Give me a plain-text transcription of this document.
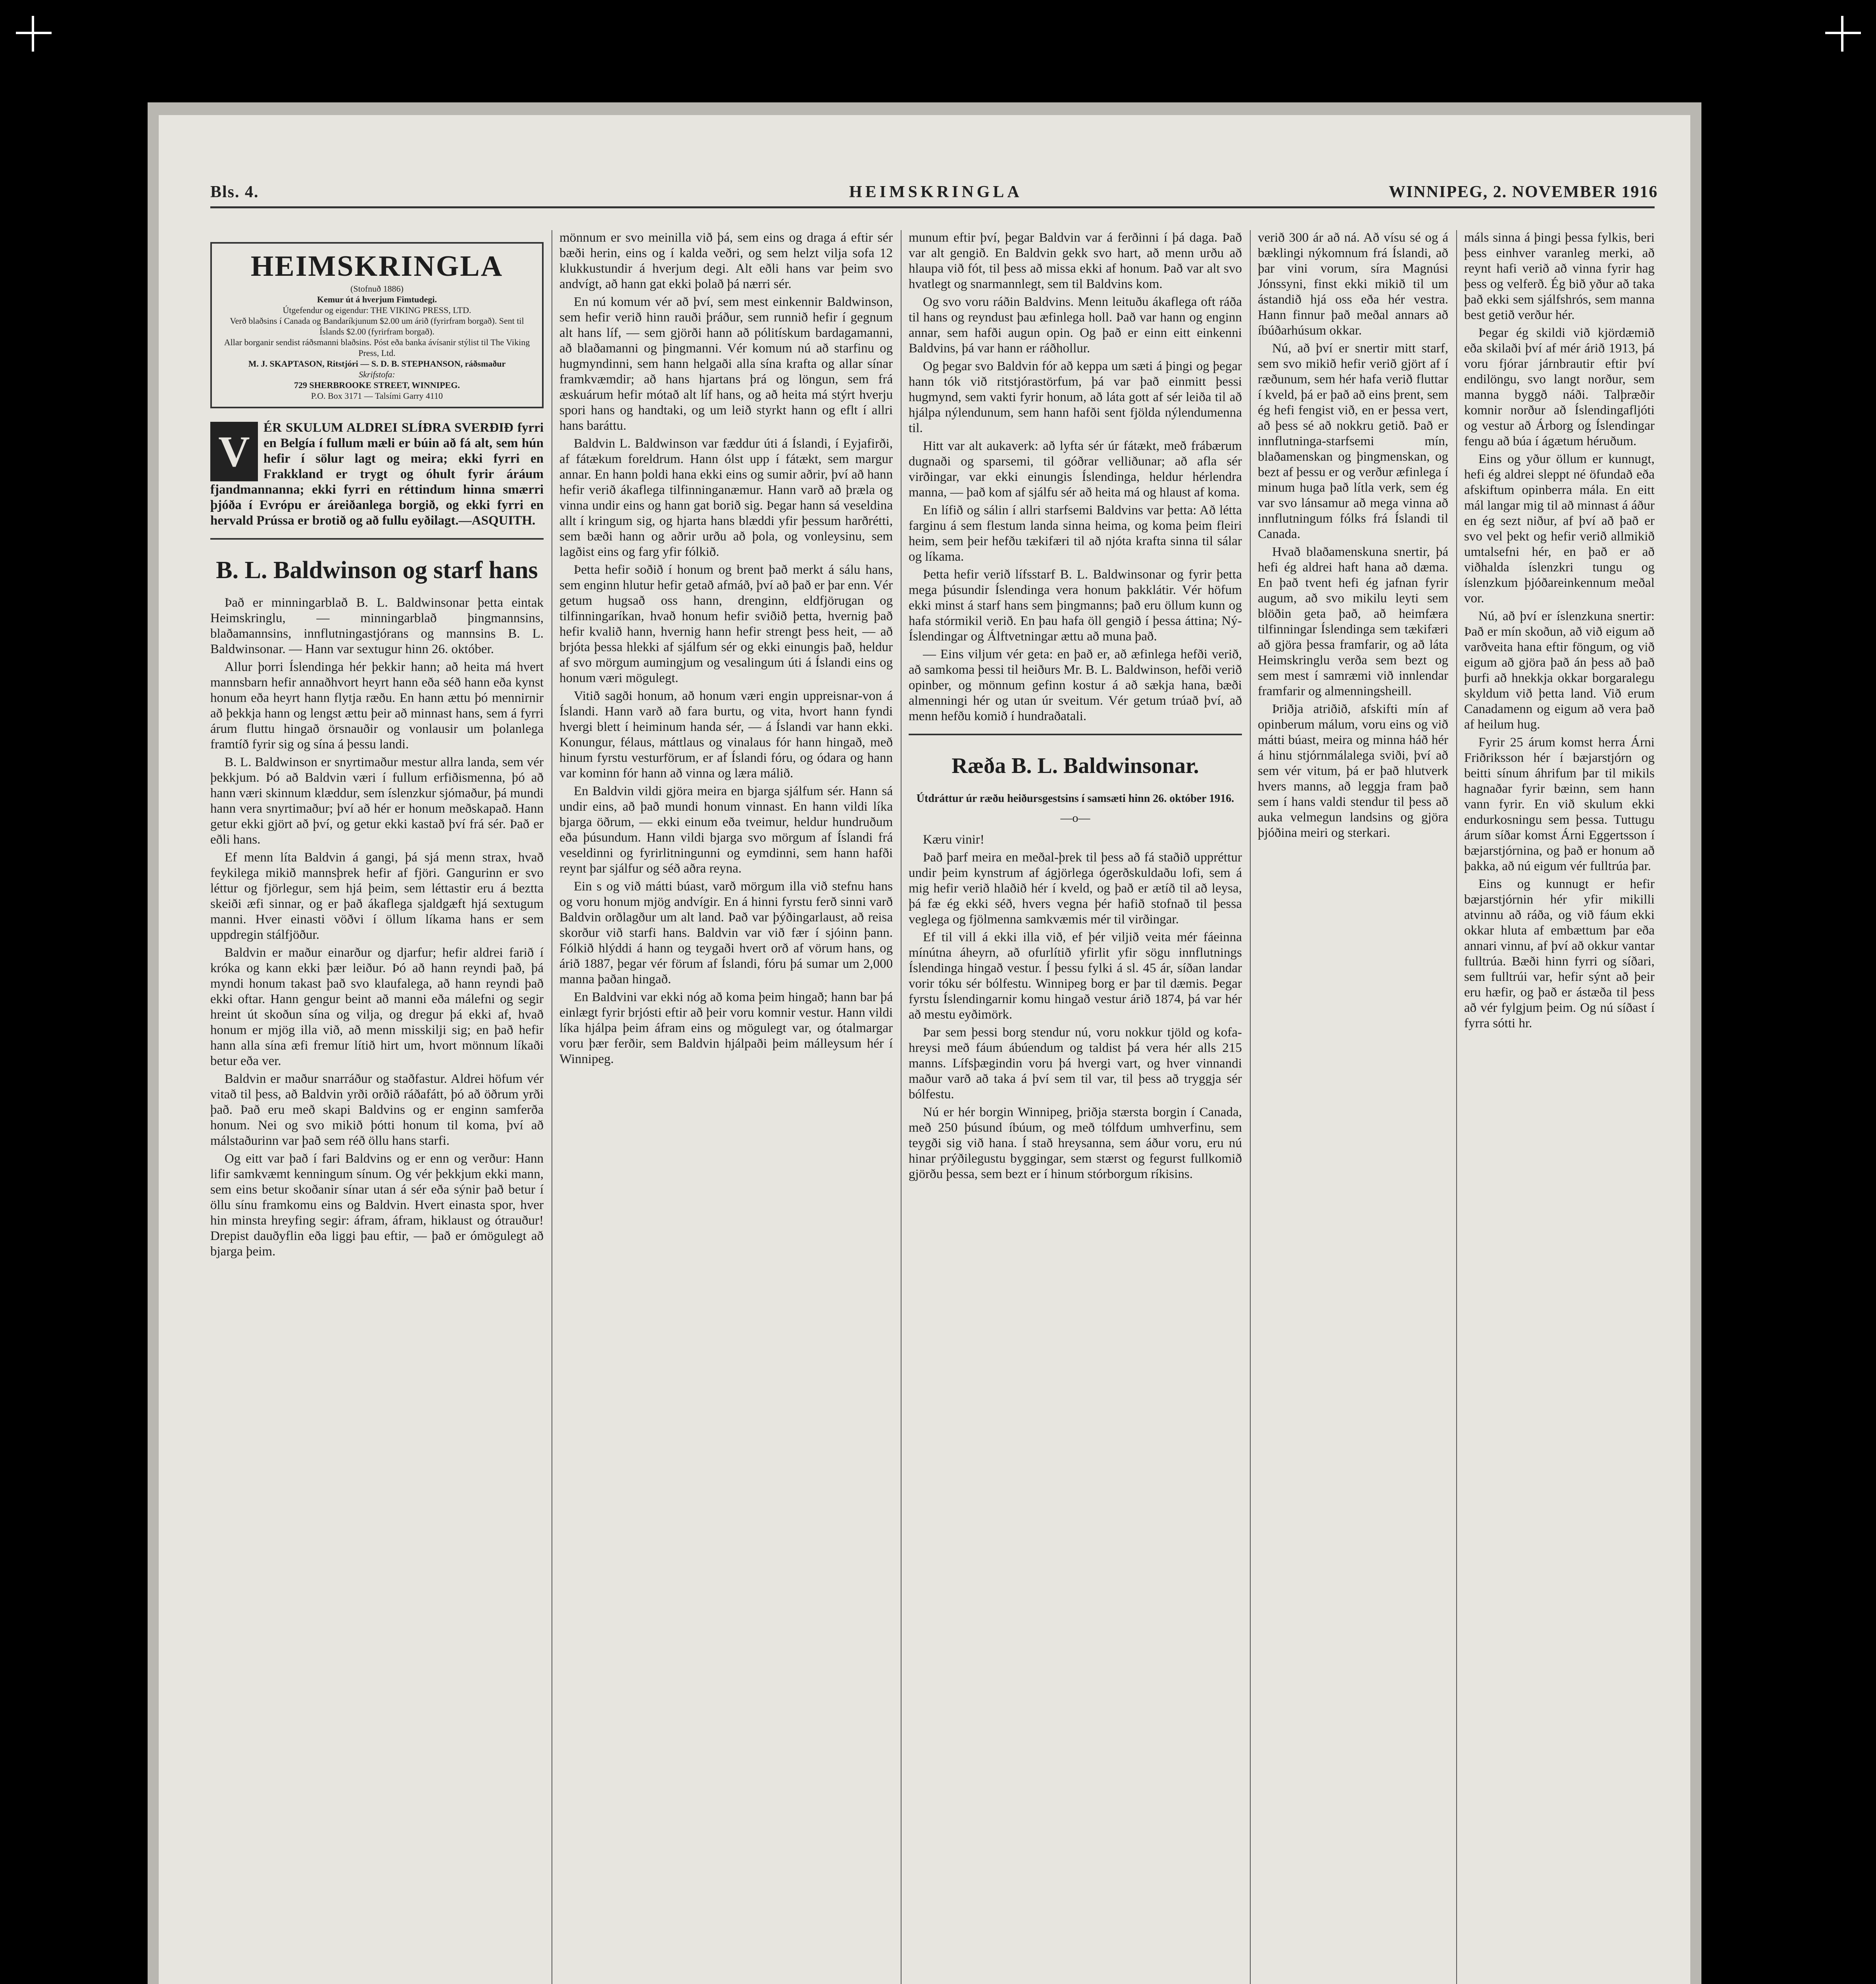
Bls. 4.	HEIMSKRINGLA	WINNIPEG, 2. NOVEMBER 1916
HEIMSKRINGLA
(Stofnuð 1886)
Kemur út á hverjum Fimtudegi.
Útgefendur og eigendur: THE VIKING PRESS, LTD.
Verð blaðsins í Canada og Bandaríkjunum $2.00 um árið (fyrirfram borgað). Sent til Íslands $2.00 (fyrirfram borgað).
Allar borganir sendist ráðsmanni blaðsins. Póst eða banka ávísanir stýlist til The Viking Press, Ltd.
M. J. SKAPTASON, Ritstjóri — S. D. B. STEPHANSON, ráðsmaður
Skrifstofa:
729 SHERBROOKE STREET, WINNIPEG.
P.O. Box 3171 — Talsími Garry 4110
V	ÉR SKULUM ALDREI SLÍÐRA SVERÐIÐ fyrri en Belgía í fullum mæli er búin að fá alt, sem hún hefir í sölur lagt og meira; ekki fyrri en Frakkland er trygt og óhult fyrir áráum fjandmannanna; ekki fyrri en réttindum hinna smærri þjóða í Evrópu er áreiðanlega borgið, og ekki fyrri en hervald Prússa er brotið og að fullu eyðilagt.—ASQUITH.
B. L. Baldwinson og starf hans

Það er minningarblað B. L. Baldwinsonar þetta eintak Heimskringlu, — minningarblað þingmannsins, blaðamannsins, innflutningastjórans og mannsins B. L. Baldwinsonar. — Hann var sextugur hinn 26. október.

Allur þorri Íslendinga hér þekkir hann; að heita má hvert mannsbarn hefir annaðhvort heyrt hann eða séð hann eða kynst honum eða heyrt hann flytja ræðu. En hann ættu þó mennirnir að þekkja hann og lengst ættu þeir að minnast hans, sem á fyrri árum fluttu hingað örsnauðir og vonlausir um þolanlega framtíð fyrir sig og sína á þessu landi.

B. L. Baldwinson er snyrtimaður mestur allra landa, sem vér þekkjum. Þó að Baldvin væri í fullum erfiðismenna, þó að hann væri skinnum klæddur, sem íslenzkur sjómaður, þá mundi hann vera snyrtimaður; því að hér er honum meðskapað. Hann getur ekki gjört að því, og getur ekki kastað því frá sér. Það er eðli hans.

Ef menn líta Baldvin á gangi, þá sjá menn strax, hvað feykilega mikið mannsþrek hefir af fjöri. Gangurinn er svo léttur og fjörlegur, sem hjá þeim, sem léttastir eru á beztta skeiði æfi sinnar, og er það ákaflega sjaldgæft hjá sextugum manni. Hver einasti vöðvi í öllum líkama hans er sem uppdregin stálfjöður.

Baldvin er maður einarður og djarfur; hefir aldrei farið í króka og kann ekki þær leiður. Þó að hann reyndi það, þá myndi honum takast það svo klaufalega, að hann reyndi það ekki oftar. Hann gengur beint að manni eða málefni og segir hreint út skoðun sína og vilja, og dregur þá ekki af, hvað honum er mjög illa við, að menn misskilji sig; en það hefir hann alla sína æfi fremur lítið hirt um, hvort mönnum líkaði betur eða ver.

Baldvin er maður snarráður og staðfastur. Aldrei höfum vér vitað til þess, að Baldvin yrði orðið ráðafátt, þó að öðrum yrði það. Það eru með skapi Baldvins og er enginn samferða honum. Nei og svo mikið þótti honum til koma, því að málstaðurinn var það sem réð öllu hans starfi.

Og eitt var það í fari Baldvins og er enn og verður: Hann lifir samkvæmt kenningum sínum. Og vér þekkjum ekki mann, sem eins betur skoðanir sínar utan á sér eða sýnir það betur í öllu sínu framkomu eins og Baldvin. Hvert einasta spor, hver hin minsta hreyfing segir: áfram, áfram, hiklaust og ótrauður! Drepist dauðyflin eða liggi þau eftir, — það er ómögulegt að bjarga þeim.

mönnum er svo meinilla við þá, sem eins og draga á eftir sér bæði herin, eins og í kalda veðri, og sem helzt vilja sofa 12 klukkustundir á hverjum degi. Alt eðli hans var þeim svo andvígt, að hann gat ekki þolað þá nærri sér.

En nú komum vér að því, sem mest einkennir Baldwinson, sem hefir verið hinn rauði þráður, sem runnið hefir í gegnum alt hans líf, — sem gjörði hann að pólitískum bardagamanni, að blaðamanni og þingmanni. Vér komum nú að starfinu og hugmyndinni, sem hann helgaði alla sína krafta og allar sínar framkvæmdir; að hans hjartans þrá og löngun, sem frá æskuárum hefir mótað alt líf hans, og að heita má stýrt hverju spori hans og handtaki, og um leið styrkt hann og eflt í allri hans baráttu.

Baldvin L. Baldwinson var fæddur úti á Íslandi, í Eyjafirði, af fátækum foreldrum. Hann ólst upp í fátækt, sem margur annar. En hann þoldi hana ekki eins og sumir aðrir, því að hann hefir verið ákaflega tilfinninganæmur. Hann varð að þræla og vinna undir eins og hann gat borið sig. Þegar hann sá veseldina allt í kringum sig, og hjarta hans blæddi yfir þessum harðrétti, sem bæði hann og aðrir urðu að þola, og vonleysinu, sem lagðist eins og farg yfir fólkið.

Þetta hefir soðið í honum og brent það merkt á sálu hans, sem enginn hlutur hefir getað afmáð, því að það er þar enn. Vér getum hugsað oss hann, drenginn, eldfjörugan og tilfinningaríkan, hvað honum hefir sviðið þetta, hvernig það hefir kvalið hann, hvernig hann hefir strengt þess heit, — að brjóta þessa hlekki af sjálfum sér og ekki einungis það, heldur af svo mörgum aumingjum og vesalingum úti á Íslandi eins og honum væri mögulegt.

Vitið sagði honum, að honum væri engin uppreisnar-von á Íslandi. Hann varð að fara burtu, og vita, hvort hann fyndi hvergi blett í heiminum handa sér, — á Íslandi var hann ekki. Konungur, félaus, máttlaus og vinalaus fór hann hingað, með hinum fyrstu vesturförum, er af Íslandi fóru, og ódara og hann var kominn fór hann að vinna og læra málið.

En Baldvin vildi gjöra meira en bjarga sjálfum sér. Hann sá undir eins, að það mundi honum vinnast. En hann vildi líka bjarga öðrum, — ekki einum eða tveimur, heldur hundruðum eða þúsundum. Hann vildi bjarga svo mörgum af Íslandi frá veseldinni og fyrirlitningunni og eymdinni, sem hann hafði reynt þar sjálfur og séð aðra reyna.

Ein s og við mátti búast, varð mörgum illa við stefnu hans og voru honum mjög andvígir. En á hinni fyrstu ferð sinni varð Baldvin orðlagður um alt land. Það var þýðingarlaust, að reisa skorður við starfi hans. Baldvin var við fær í sjóinn þann. Fólkið hlýddi á hann og teygaði hvert orð af vörum hans, og árið 1887, þegar vér förum af Íslandi, fóru þá sumar um 2,000 manna þaðan hingað.

En Baldvini var ekki nóg að koma þeim hingað; hann bar þá einlægt fyrir brjósti eftir að þeir voru komnir vestur. Hann vildi líka hjálpa þeim áfram eins og mögulegt var, og ótalmargar voru þær ferðir, sem Baldvin hjálpaði þeim málleysum hér í Winnipeg.

munum eftir því, þegar Baldvin var á ferðinni í þá daga. Það var alt gengið. En Baldvin gekk svo hart, að menn urðu að hlaupa við fót, til þess að missa ekki af honum. Það var alt svo hvatlegt og snarmannlegt, sem til Baldvins kom.

Og svo voru ráðin Baldvins. Menn leituðu ákaflega oft ráða til hans og reyndust þau æfinlega holl. Það var hann og enginn annar, sem hafði augun opin. Og það er einn eitt einkenni Baldvins, þá var hann er ráðhollur.

Og þegar svo Baldvin fór að keppa um sæti á þingi og þegar hann tók við ritstjórastörfum, þá var það einmitt þessi hugmynd, sem vakti fyrir honum, að láta gott af sér leiða til að hjálpa nýlendunum, sem hann hafði sent fjölda nýlendumenna til.

Hitt var alt aukaverk: að lyfta sér úr fátækt, með frábærum dugnaði og sparsemi, til góðrar velliðunar; að afla sér virðingar, var ekki einungis Íslendinga, heldur hérlendra manna, — það kom af sjálfu sér að heita má og hlaust af koma.

En lífið og sálin í allri starfsemi Baldvins var þetta: Að létta farginu á sem flestum landa sinna heima, og koma þeim fleiri heim, sem þeir hefðu tækifæri til að njóta krafta sinna til sálar og líkama.

Þetta hefir verið lífsstarf B. L. Baldwinsonar og fyrir þetta mega þúsundir Íslendinga vera honum þakklátir. Vér höfum ekki minst á starf hans sem þingmanns; það eru öllum kunn og hafa stórmikil verið. En þau hafa öll gengið í þessa áttina; Ný-Íslendingar og Álftvetningar ættu að muna það.

— Eins viljum vér geta: en það er, að æfinlega hefði verið, að samkoma þessi til heiðurs Mr. B. L. Baldwinson, hefði verið opinber, og mönnum gefinn kostur á að sækja hana, bæði almenningi hér og utan úr sveitum. Vér getum trúað því, að menn hefðu komið í hundraðatali.

Ræða B. L. Baldwinsonar.
Útdráttur úr ræðu heiðursgestsins í samsæti hinn 26. október 1916.
—o—

Kæru vinir!

Það þarf meira en meðal-þrek til þess að fá staðið uppréttur undir þeim kynstrum af ágjörlega ógerðskuldaðu lofi, sem á mig hefir verið hlaðið hér í kveld, og það er ætíð til að leysa, þá fæ ég ekki séð, hvers vegna þér hafið stofnað til þessa veglega og fjölmenna samkvæmis mér til virðingar.

Ef til vill á ekki illa við, ef þér viljið veita mér fáeinna mínútna áheyrn, að ofurlítið yfirlit yfir sögu innflutnings Íslendinga hingað vestur. Í þessu fylki á sl. 45 ár, síðan landar vorir tóku sér bólfestu. Winnipeg borg er þar til dæmis. Þegar fyrstu Íslendingarnir komu hingað vestur árið 1874, þá var hér að mestu eyðimörk.

Þar sem þessi borg stendur nú, voru nokkur tjöld og kofa-hreysi með fáum ábúendum og taldist þá vera hér alls 215 manns. Lífsþægindin voru þá hvergi vart, og hver vinnandi maður varð að taka á því sem til var, til þess að tryggja sér bólfestu.

Nú er hér borgin Winnipeg, þriðja stærsta borgin í Canada, með 250 þúsund íbúum, og með tólfdum umhverfinu, sem teygði sig við hana. Í stað hreysanna, sem áður voru, eru nú hinar prýðilegustu byggingar, sem stærst og fegurst fullkomið gjörðu þessa, sem bezt er í hinum stórborgum ríkisins.

verið 300 ár að ná. Að vísu sé og á bæklingi nýkomnum frá Íslandi, að þar vini vorum, síra Magnúsi Jónssyni, finst ekki mikið til um ástandið hjá oss eða hér vestra. Hann finnur það meðal annars að íbúðarhúsum okkar.

Nú, að því er snertir mitt starf, sem svo mikið hefir verið gjört af í ræðunum, sem hér hafa verið fluttar í kveld, þá er það að eins þrent, sem ég hefi fengist við, en er þessa vert, að þess sé að nokkru getið. Það er innflutninga-starfsemi mín, blaðamenskan og þingmenskan, og bezt af þessu er og verður æfinlega í minum huga það lítla verk, sem ég var svo lánsamur að mega vinna að innflutningum fólks frá Íslandi til Canada.

Hvað blaðamenskuna snertir, þá hefi ég aldrei haft hana að dæma. En það tvent hefi ég jafnan fyrir augum, að svo mikilu leyti sem blöðin geta það, að heimfæra tilfinningar Íslendinga sem tækifæri að gjöra þessa framfarir, og að láta Heimskringlu verða sem bezt og sem mest í samræmi við innlendar framfarir og almenningsheill.

Þriðja atriðið, afskifti mín af opinberum málum, voru eins og við mátti búast, meira og minna háð hér á hinu stjórnmálalega sviði, því að sem vér vitum, þá er það hlutverk hvers manns, að leggja fram það sem í hans valdi stendur til þess að auka velmegun landsins og gjöra þjóðina meiri og sterkari.

máls sinna á þingi þessa fylkis, beri þess einhver varanleg merki, að reynt hafi verið að vinna fyrir hag þess og velferð. Ég bið yður að taka það ekki sem sjálfshrós, sem manna best getið verður hér.

Þegar ég skildi við kjördæmið eða skilaði því af mér árið 1913, þá voru fjórar járnbrautir eftir því endilöngu, svo langt norður, sem manna byggð náði. Talþræðir komnir norður að Íslendingafljóti og vestur að Árborg og Íslendingar fengu að búa í ágætum héruðum.

Eins og yður öllum er kunnugt, hefi ég aldrei sleppt né öfundað eða afskiftum opinberra mála. En eitt mál langar mig til að minnast á áður en ég sezt niður, af því að það er svo vel þekt og hefir verið allmikið umtalsefni hér, en það er að viðhalda íslenzkri tungu og íslenzkum þjóðareinkennum meðal vor.

Nú, að því er íslenzkuna snertir: Það er mín skoðun, að við eigum að varðveita hana eftir föngum, og við eigum að gjöra það án þess að það þurfi að hnekkja okkar borgaralegu skyldum við þetta land. Við erum Canadamenn og eigum að vera það af heilum hug.

Fyrir 25 árum komst herra Árni Friðriksson hér í bæjarstjórn og beitti sínum áhrifum þar til mikils hagnaðar fyrir bæinn, sem hann vann fyrir. En við skulum ekki endurkosningu sem þessa. Tuttugu árum síðar komst Árni Eggertsson í bæjarstjórnina, og það er honum að þakka, að nú eigum vér fulltrúa þar.

Eins og kunnugt er hefir bæjarstjórnin hér yfir mikilli atvinnu að ráða, og við fáum ekki okkar hluta af embættum þar eða annari vinnu, af því að okkur vantar fulltrúa. Bæði hinn fyrri og síðari, sem fulltrúi var, hefir sýnt að þeir eru hæfir, og það er ástæða til þess að vér fylgjum þeim. Og nú síðast í fyrra sótti hr.
